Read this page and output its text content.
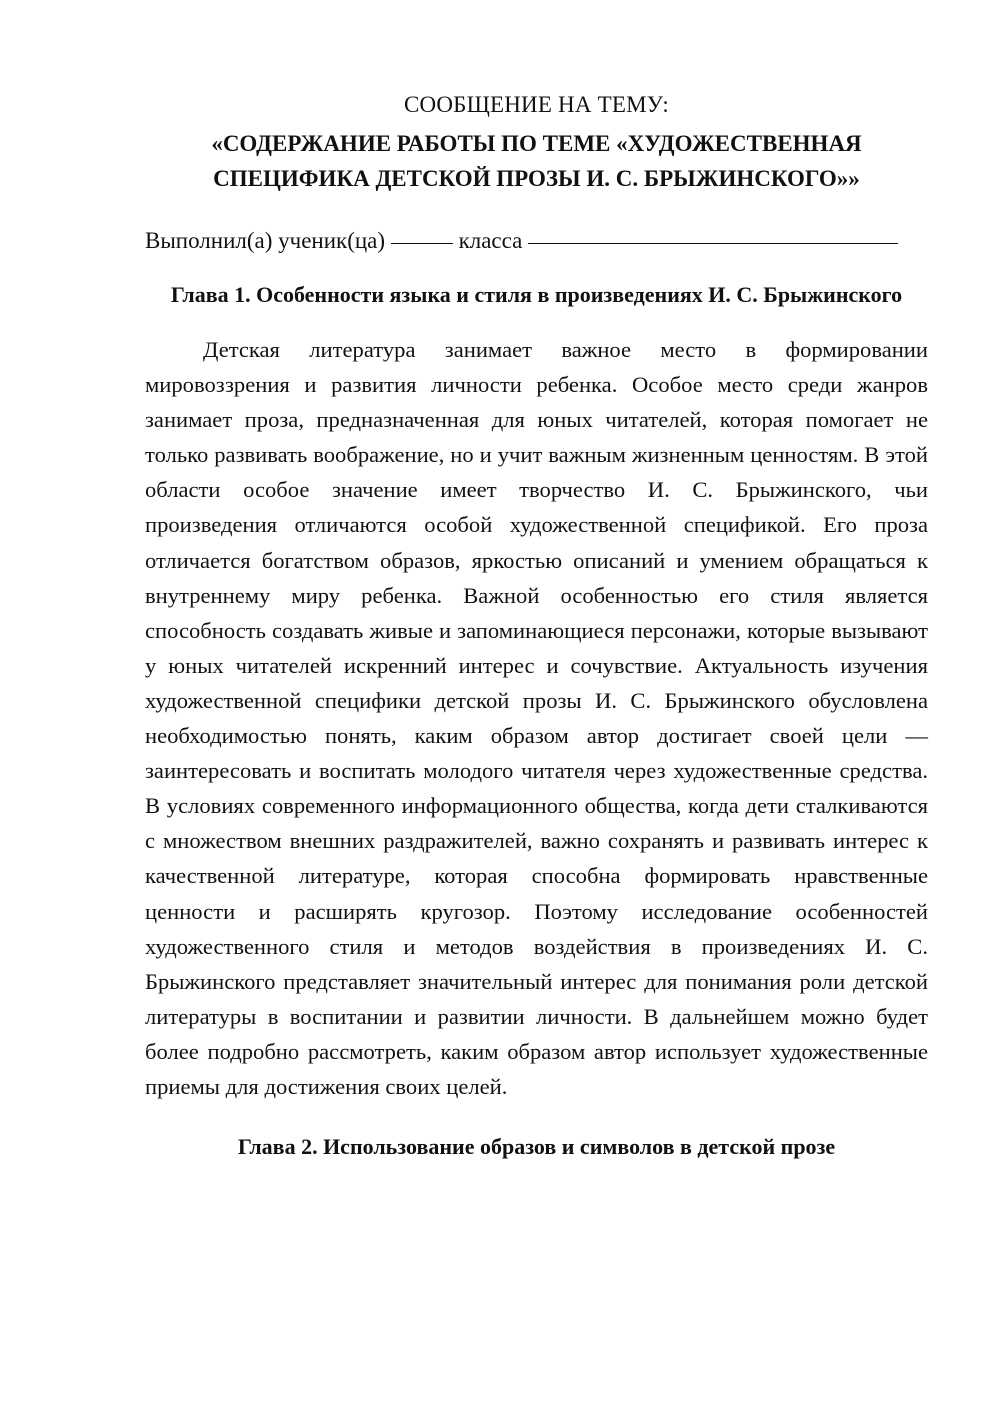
СООБЩЕНИЕ НА ТЕМУ:

«СОДЕРЖАНИЕ РАБОТЫ ПО ТЕМЕ «ХУДОЖЕСТВЕННАЯ СПЕЦИФИКА ДЕТСКОЙ ПРОЗЫ И. С. БРЫЖИНСКОГО»»

Выполнил(а) ученик(ца)	класса

Глава 1. Особенности языка и стиля в произведениях И. С. Брыжинского

Детская литература занимает важное место в формировании мировоззрения и развития личности ребенка. Особое место среди жанров занимает проза, предназначенная для юных читателей, которая помогает не только развивать воображение, но и учит важным жизненным ценностям. В этой области особое значение имеет творчество И. С. Брыжинского, чьи произведения отличаются особой художественной спецификой. Его проза отличается богатством образов, яркостью описаний и умением обращаться к внутреннему миру ребенка. Важной особенностью его стиля является способность создавать живые и запоминающиеся персонажи, которые вызывают у юных читателей искренний интерес и сочувствие. Актуальность изучения художественной специфики детской прозы И. С. Брыжинского обусловлена необходимостью понять, каким образом автор достигает своей цели — заинтересовать и воспитать молодого читателя через художественные средства. В условиях современного информационного общества, когда дети сталкиваются с множеством внешних раздражителей, важно сохранять и развивать интерес к качественной литературе, которая способна формировать нравственные ценности и расширять кругозор. Поэтому исследование особенностей художественного стиля и методов воздействия в произведениях И. С. Брыжинского представляет значительный интерес для понимания роли детской литературы в воспитании и развитии личности. В дальнейшем можно будет более подробно рассмотреть, каким образом автор использует художественные приемы для достижения своих целей.

Глава 2. Использование образов и символов в детской прозе
